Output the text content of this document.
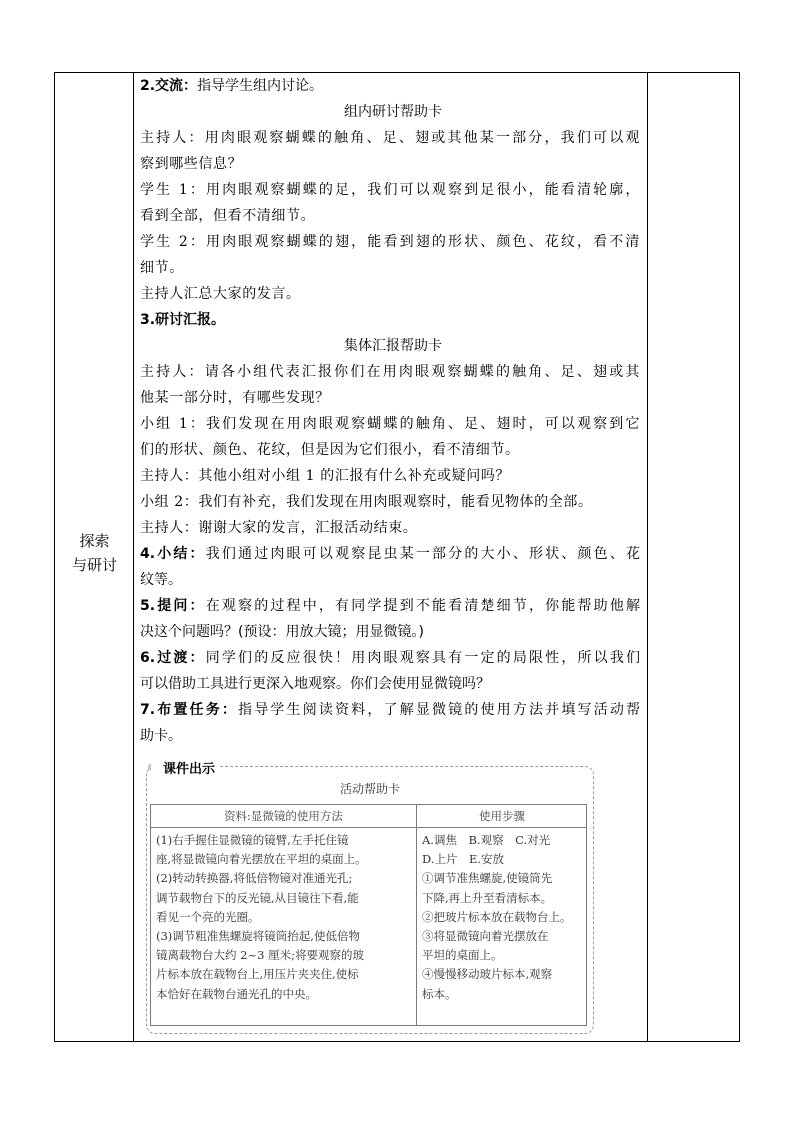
探索
与研讨
2.交流：指导学生组内讨论。
组内研讨帮助卡
主持人：用肉眼观察蝴蝶的触角、足、翅或其他某一部分，我们可以观
察到哪些信息？
学生 1：用肉眼观察蝴蝶的足，我们可以观察到足很小，能看清轮廓，
看到全部，但看不清细节。
学生 2：用肉眼观察蝴蝶的翅，能看到翅的形状、颜色、花纹，看不清
细节。
主持人汇总大家的发言。
3.研讨汇报。
集体汇报帮助卡
主持人：请各小组代表汇报你们在用肉眼观察蝴蝶的触角、足、翅或其
他某一部分时，有哪些发现？
小组 1：我们发现在用肉眼观察蝴蝶的触角、足、翅时，可以观察到它
们的形状、颜色、花纹，但是因为它们很小，看不清细节。
主持人：其他小组对小组 1 的汇报有什么补充或疑问吗？
小组 2：我们有补充，我们发现在用肉眼观察时，能看见物体的全部。
主持人：谢谢大家的发言，汇报活动结束。
4.小结：我们通过肉眼可以观察昆虫某一部分的大小、形状、颜色、花
纹等。
5.提问：在观察的过程中，有同学提到不能看清楚细节，你能帮助他解
决这个问题吗？(预设：用放大镜；用显微镜。)
6.过渡：同学们的反应很快！用肉眼观察具有一定的局限性，所以我们
可以借助工具进行更深入地观察。你们会使用显微镜吗？
7.布置任务：指导学生阅读资料，了解显微镜的使用方法并填写活动帮
助卡。
课件出示
活动帮助卡
资料:显微镜的使用方法	使用步骤
(1)右手握住显微镜的镜臂,左手托住镜
座,将显微镜向着光摆放在平坦的桌面上。
(2)转动转换器,将低倍物镜对准通光孔;
调节载物台下的反光镜,从目镜往下看,能
看见一个亮的光圈。
(3)调节粗准焦螺旋将镜筒抬起,使低倍物
镜离载物台大约 2~3 厘米;将要观察的玻
片标本放在载物台上,用压片夹夹住,使标
本恰好在载物台通光孔的中央。
A.调焦　B.观察　C.对光
D.上片　E.安放
①调节准焦螺旋,使镜筒先
下降,再上升至看清标本。
②把玻片标本放在载物台上。
③将显微镜向着光摆放在
平坦的桌面上。
④慢慢移动玻片标本,观察
标本。
